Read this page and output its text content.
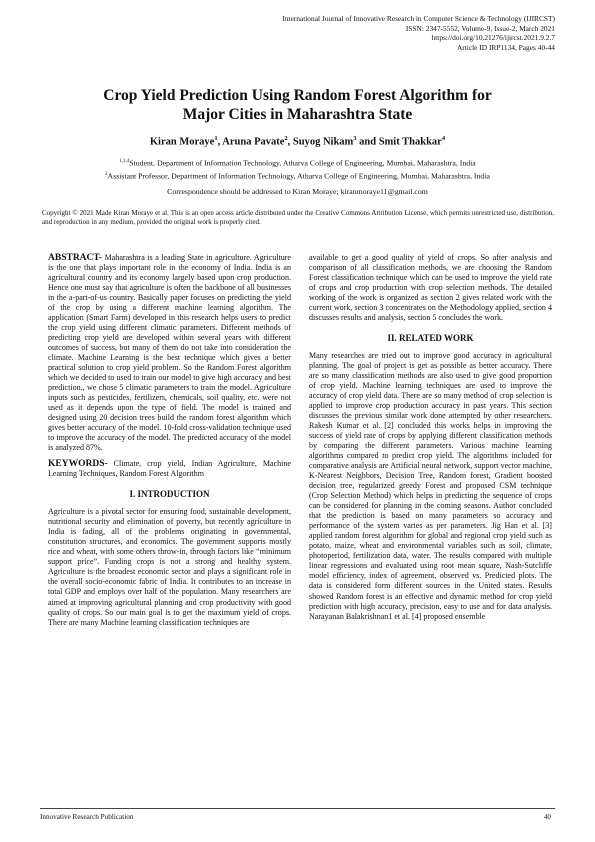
International Journal of Innovative Research in Computer Science & Technology (IJIRCST)
ISSN: 2347-5552, Volume-9, Issue-2, March 2021
https://doi.org/10.21276/ijircst.2021.9.2.7
Article ID IRP1134, Pages 40-44
Crop Yield Prediction Using Random Forest Algorithm for
Major Cities in Maharashtra State
Kiran Moraye$^1$, Aruna Pavate$^2$, Suyog Nikam$^3$ and Smit Thakkar$^4$
$^{1,3,4}$Student, Department of Information Technology, Atharva College of Engineering, Mumbai, Maharashtra, India
$^2$Assistant Professor, Department of Information Technology, Atharva College of Engineering, Mumbai, Maharashtra, India
Correspondence should be addressed to Kiran Moraye; kiranmoraye11@gmail.com
Copyright © 2021 Made Kiran Moraye et al. This is an open access article distributed under the Creative Commons Attribution License, which permits unrestricted use, distribution, and reproduction in any medium, provided the original work is properly cited.

ABSTRACT- Maharashtra is a leading State in agriculture. Agriculture is the one that plays important role in the economy of India. India is an agricultural country and its economy largely based upon crop production. Hence one must say that agriculture is often the backbone of all businesses in the a-part-of-us country. Basically paper focuses on predicting the yield of the crop by using a different machine learning algorithm. The application (Smart Farm) developed in this research helps users to predict the crop yield using different climatic parameters. Different methods of predicting crop yield are developed within several years with different outcomes of success, but many of them do not take into consideration the climate. Machine Learning is the best technique which gives a better practical solution to crop yield problem. So the Random Forest algorithm which we decided to used to train our model to give high accuracy and best prediction., we chose 5 climatic parameters to train the model. Agriculture inputs such as pesticides, fertilizers, chemicals, soil quality, etc. were not used as it depends upon the type of field. The model is trained and designed using 20 decision trees build the random forest algorithm which gives better accuracy of the model. 10-fold cross-validation technique used to improve the accuracy of the model. The predicted accuracy of the model is analyzed 87%.

KEYWORDS- Climate, crop yield, Indian Agriculture, Machine Learning Techniques, Random Forest Algorithm

I. INTRODUCTION

Agriculture is a pivotal sector for ensuring food, sustainable development, nutritional security and elimination of poverty, but recently agriculture in India is fading, all of the problems originating in governmental, constitution structures, and economics. The government supports mostly rice and wheat, with some others throw-in, through factors like “minimum support price”. Funding crops is not a strong and healthy system. Agriculture is the broadest economic sector and plays a significant role in the overall socio-economic fabric of India. It contributes to an increase in total GDP and employs over half of the population. Many researchers are aimed at improving agricultural planning and crop productivity with good quality of crops. So our main goal is to get the maximum yield of crops. There are many Machine learning classification techniques are

available to get a good quality of yield of crops. So after analysis and comparison of all classification methods, we are choosing the Random Forest classification technique which can be used to improve the yield rate of crops and crop production with crop selection methods. The detailed working of the work is organized as section 2 gives related work with the current work, section 3 concentrates on the Methodology applied, section 4 discusses results and analysis, section 5 concludes the work.

II. RELATED WORK

Many researches are tried out to improve good accuracy in agricultural planning. The goal of project is get as possible as better accuracy. There are so many classification methods are also used to give good proportion of crop yield. Machine learning techniques are used to improve the accuracy of crop yield data. There are so many method of crop selection is applied to improve crop production accuracy in past years. This section discusses the previous similar work done attempted by other researchers. Rakesh Kumar et al. [2] concluded this works helps in improving the success of yield rate of crops by applying different classification methods by comparing the different parameters. Various machine learning algorithms compared to predict crop yield. The algorithms included for comparative analysis are Artificial neural network, support vector machine, K-Nearest Neighbors, Decision Tree, Random forest, Gradient boosted decision tree, regularized greedy Forest and proposed CSM technique (Crop Selection Method) which helps in predicting the sequence of crops can be considered for planning in the coming seasons. Author concluded that the prediction is based on many parameters so accuracy and performance of the system varies as per parameters. Jig Han et al. [3] applied random forest algorithm for global and regional crop yield such as potato, maize, wheat and environmental variables such as soil, climate, photoperiod, fertilization data, water. The results compared with multiple linear regressions and evaluated using root mean square, Nash-Sutcliffe model efficiency, index of agreement, observed vs. Predicted plots. The data is considered form different sources in the United states. Results showed Random forest is an effective and dynamic method for crop yield prediction with high accuracy, precision, easy to use and for data analysis. Narayanan Balakrishnan1 et al. [4] proposed ensemble

Innovative Research Publication	40
